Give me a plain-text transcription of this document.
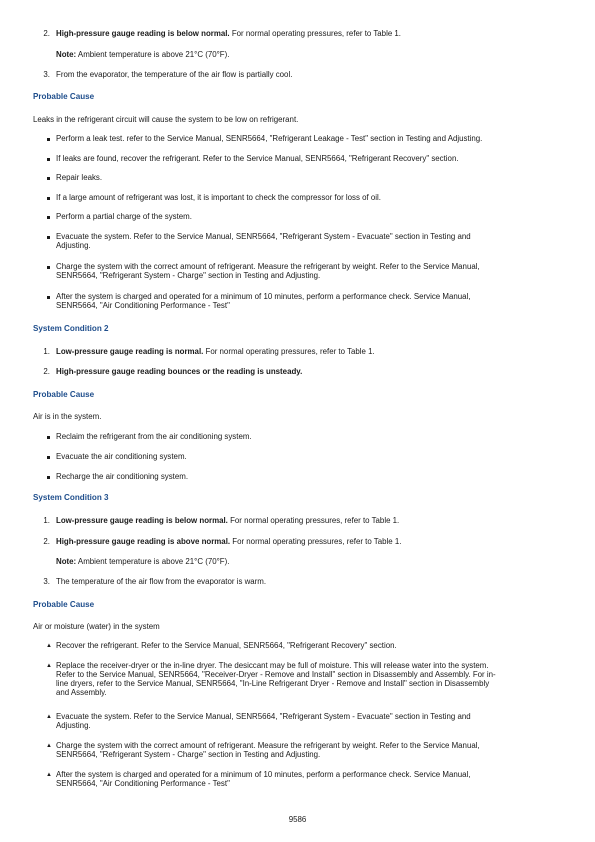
2. High-pressure gauge reading is below normal. For normal operating pressures, refer to Table 1.
Note: Ambient temperature is above 21°C (70°F).
3. From the evaporator, the temperature of the air flow is partially cool.
Probable Cause
Leaks in the refrigerant circuit will cause the system to be low on refrigerant.
Perform a leak test. refer to the Service Manual, SENR5664, "Refrigerant Leakage - Test" section in Testing and Adjusting.
If leaks are found, recover the refrigerant. Refer to the Service Manual, SENR5664, "Refrigerant Recovery" section.
Repair leaks.
If a large amount of refrigerant was lost, it is important to check the compressor for loss of oil.
Perform a partial charge of the system.
Evacuate the system. Refer to the Service Manual, SENR5664, "Refrigerant System - Evacuate" section in Testing and
Adjusting.
Charge the system with the correct amount of refrigerant. Measure the refrigerant by weight. Refer to the Service Manual,
SENR5664, "Refrigerant System - Charge" section in Testing and Adjusting.
After the system is charged and operated for a minimum of 10 minutes, perform a performance check. Service Manual,
SENR5664, "Air Conditioning Performance - Test"
System Condition 2
1. Low-pressure gauge reading is normal. For normal operating pressures, refer to Table 1.
2. High-pressure gauge reading bounces or the reading is unsteady.
Probable Cause
Air is in the system.
Reclaim the refrigerant from the air conditioning system.
Evacuate the air conditioning system.
Recharge the air conditioning system.
System Condition 3
1. Low-pressure gauge reading is below normal. For normal operating pressures, refer to Table 1.
2. High-pressure gauge reading is above normal. For normal operating pressures, refer to Table 1.
Note: Ambient temperature is above 21°C (70°F).
3. The temperature of the air flow from the evaporator is warm.
Probable Cause
Air or moisture (water) in the system
▲ Recover the refrigerant. Refer to the Service Manual, SENR5664, "Refrigerant Recovery" section.
▲ Replace the receiver-dryer or the in-line dryer. The desiccant may be full of moisture. This will release water into the system.
Refer to the Service Manual, SENR5664, "Receiver-Dryer - Remove and Install" section in Disassembly and Assembly. For in-
line dryers, refer to the Service Manual, SENR5664, "In-Line Refrigerant Dryer - Remove and Install" section in Disassembly
and Assembly.
▲ Evacuate the system. Refer to the Service Manual, SENR5664, "Refrigerant System - Evacuate" section in Testing and
Adjusting.
▲ Charge the system with the correct amount of refrigerant. Measure the refrigerant by weight. Refer to the Service Manual,
SENR5664, "Refrigerant System - Charge" section in Testing and Adjusting.
▲ After the system is charged and operated for a minimum of 10 minutes, perform a performance check. Service Manual,
SENR5664, "Air Conditioning Performance - Test"
9586
